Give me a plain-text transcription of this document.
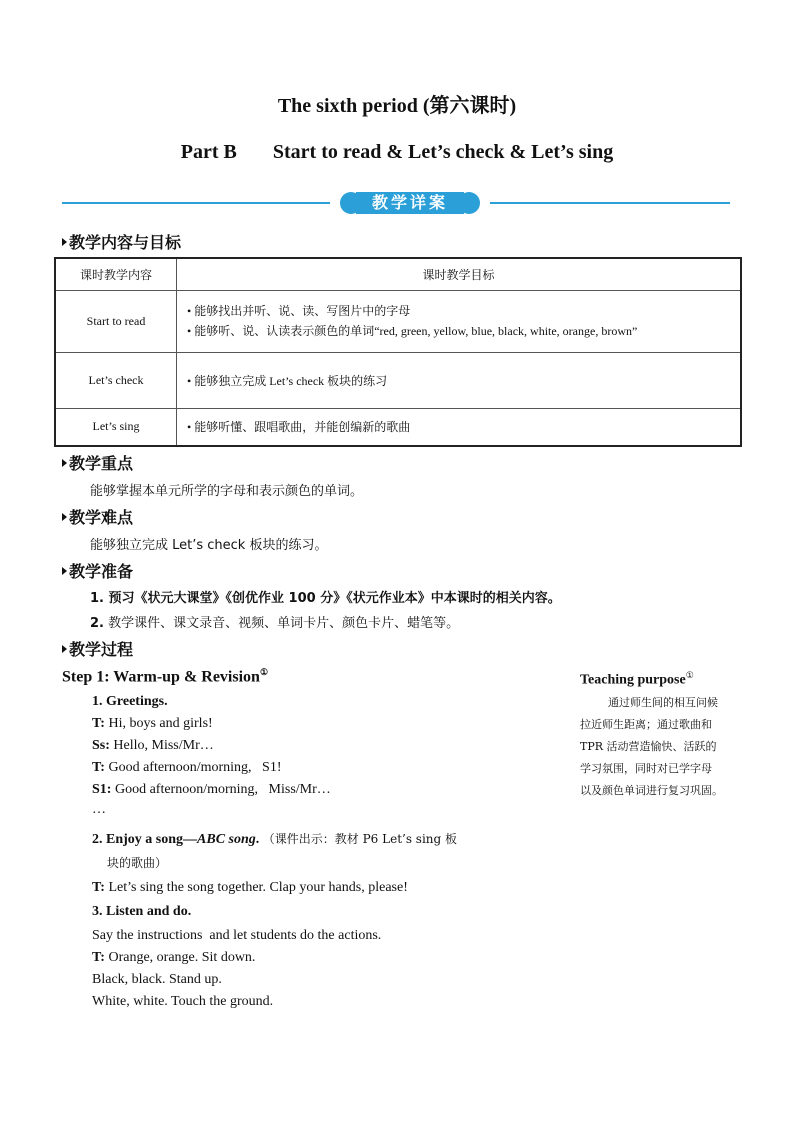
The sixth period (第六课时)
Part B Start to read & Let’s check & Let’s sing
教学详案
教学内容与目标
课时教学内容	课时教学目标
Start to read	• 能够找出并听、说、读、写图片中的字母
• 能够听、说、认读表示颜色的单词“red, green, yellow, blue, black, white, orange, brown”

Let’s check	• 能够独立完成 Let’s check 板块的练习

Let’s sing	• 能够听懂、跟唱歌曲，并能创编新的歌曲
教学重点
能够掌握本单元所学的字母和表示颜色的单词。
教学难点
能够独立完成 Let’s check 板块的练习。
教学准备
1. 预习《状元大课堂》《创优作业 100 分》《状元作业本》中本课时的相关内容。
2. 教学课件、课文录音、视频、单词卡片、颜色卡片、蜡笔等。
教学过程
Step 1: Warm-up & Revision①
1. Greetings.
T: Hi, boys and girls!
Ss: Hello, Miss/Mr…
T: Good afternoon/morning,   S1!
S1: Good afternoon/morning,   Miss/Mr…
…
2. Enjoy a song—ABC song. （课件出示：教材 P6 Let’s sing 板
块的歌曲）
T: Let’s sing the song together. Clap your hands, please!
3. Listen and do.
Say the instructions  and let students do the actions.
T: Orange, orange. Sit down.
Black, black. Stand up.
White, white. Touch the ground.
Teaching purpose①
通过师生间的相互问候
拉近师生距离；通过歌曲和
TPR 活动营造愉快、活跃的
学习氛围，同时对已学字母
以及颜色单词进行复习巩固。
